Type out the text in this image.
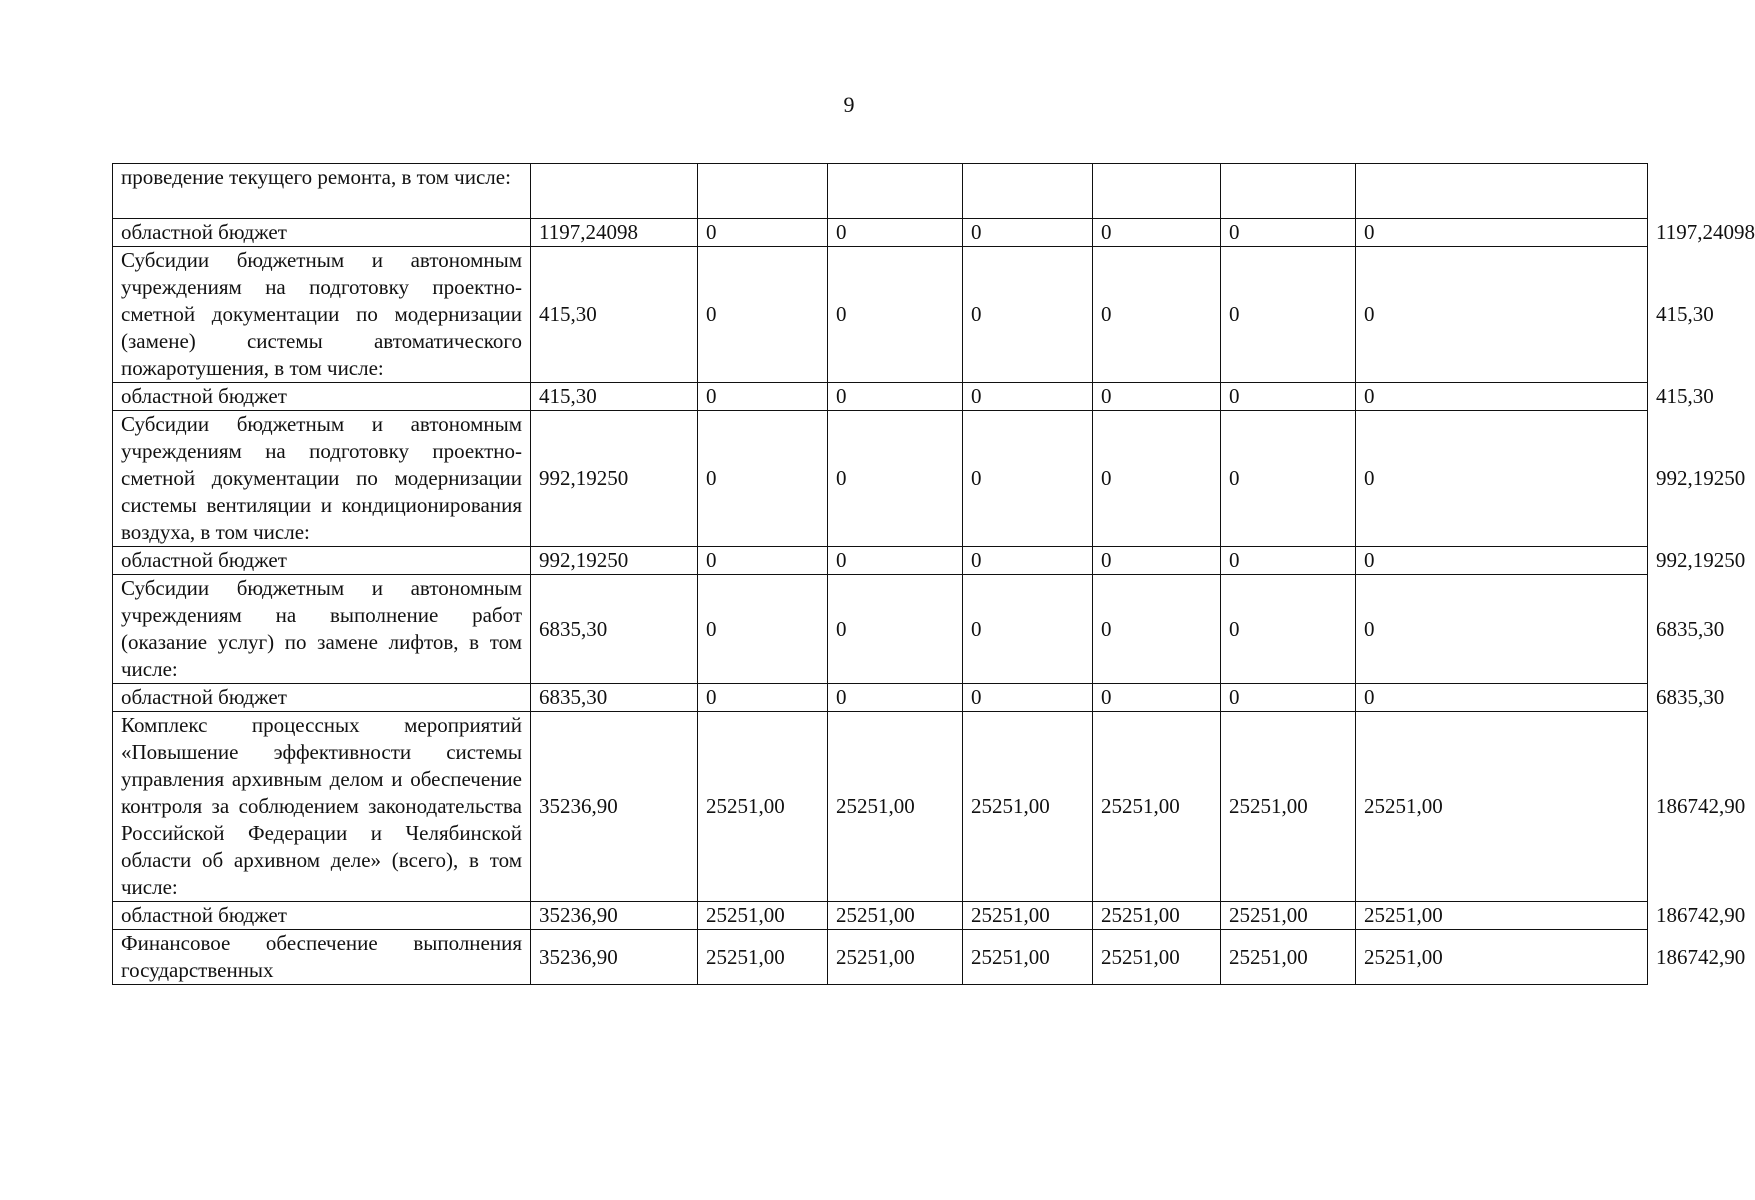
9
проведение текущего ремонта, в том числе:								
областной бюджет	1197,24098	0	0	0	0	0	0	1197,24098
Субсидии бюджетным и автономным учреждениям на подготовку проектно-сметной документации по модернизации (замене) системы автоматического пожаротушения, в том числе:	415,30	0	0	0	0	0	0	415,30
областной бюджет	415,30	0	0	0	0	0	0	415,30
Субсидии бюджетным и автономным учреждениям на подготовку проектно-сметной документации по модернизации системы вентиляции и кондиционирования воздуха, в том числе:	992,19250	0	0	0	0	0	0	992,19250
областной бюджет	992,19250	0	0	0	0	0	0	992,19250
Субсидии бюджетным и автономным учреждениям на выполнение работ (оказание услуг) по замене лифтов, в том числе:	6835,30	0	0	0	0	0	0	6835,30
областной бюджет	6835,30	0	0	0	0	0	0	6835,30
Комплекс процессных мероприятий «Повышение эффективности системы управления архивным делом и обеспечение контроля за соблюдением законодательства Российской Федерации и Челябинской области об архивном деле» (всего), в том числе:	35236,90	25251,00	25251,00	25251,00	25251,00	25251,00	25251,00	186742,90
областной бюджет	35236,90	25251,00	25251,00	25251,00	25251,00	25251,00	25251,00	186742,90
Финансовое обеспечение выполнения государственных	35236,90	25251,00	25251,00	25251,00	25251,00	25251,00	25251,00	186742,90
